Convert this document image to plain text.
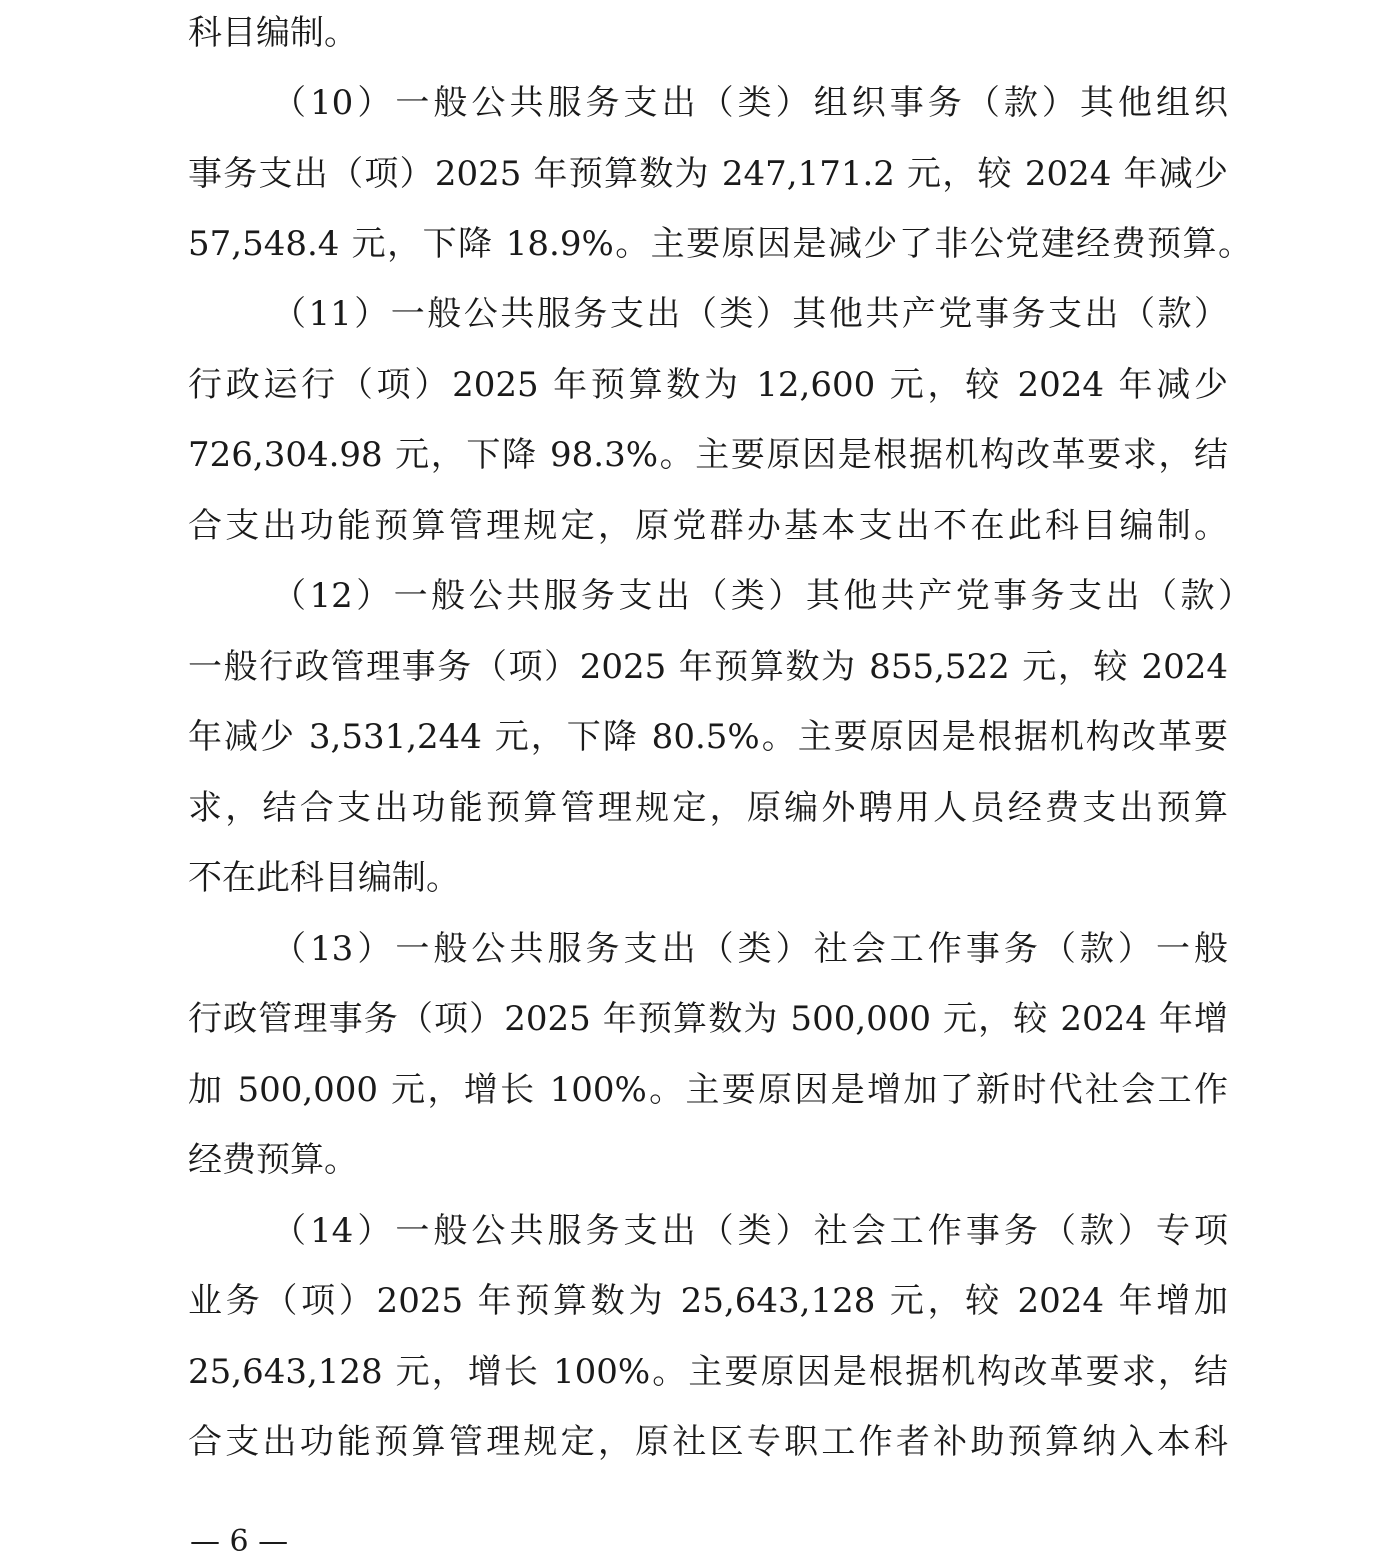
科目编制。
（10）一般公共服务支出（类）组织事务（款）其他组织
事务支出（项）2025 年预算数为 247,171.2 元，较 2024 年减少
57,548.4 元，下降 18.9%。主要原因是减少了非公党建经费预算。
（11）一般公共服务支出（类）其他共产党事务支出（款）
行政运行（项）2025 年预算数为 12,600 元，较 2024 年减少
726,304.98 元，下降 98.3%。主要原因是根据机构改革要求，结
合支出功能预算管理规定，原党群办基本支出不在此科目编制。
（12）一般公共服务支出（类）其他共产党事务支出（款）
一般行政管理事务（项）2025 年预算数为 855,522 元，较 2024
年减少 3,531,244 元，下降 80.5%。主要原因是根据机构改革要
求，结合支出功能预算管理规定，原编外聘用人员经费支出预算
不在此科目编制。
（13）一般公共服务支出（类）社会工作事务（款）一般
行政管理事务（项）2025 年预算数为 500,000 元，较 2024 年增
加 500,000 元，增长 100%。主要原因是增加了新时代社会工作
经费预算。
（14）一般公共服务支出（类）社会工作事务（款）专项
业务（项）2025 年预算数为 25,643,128 元，较 2024 年增加
25,643,128 元，增长 100%。主要原因是根据机构改革要求，结
合支出功能预算管理规定，原社区专职工作者补助预算纳入本科
— 6 —
